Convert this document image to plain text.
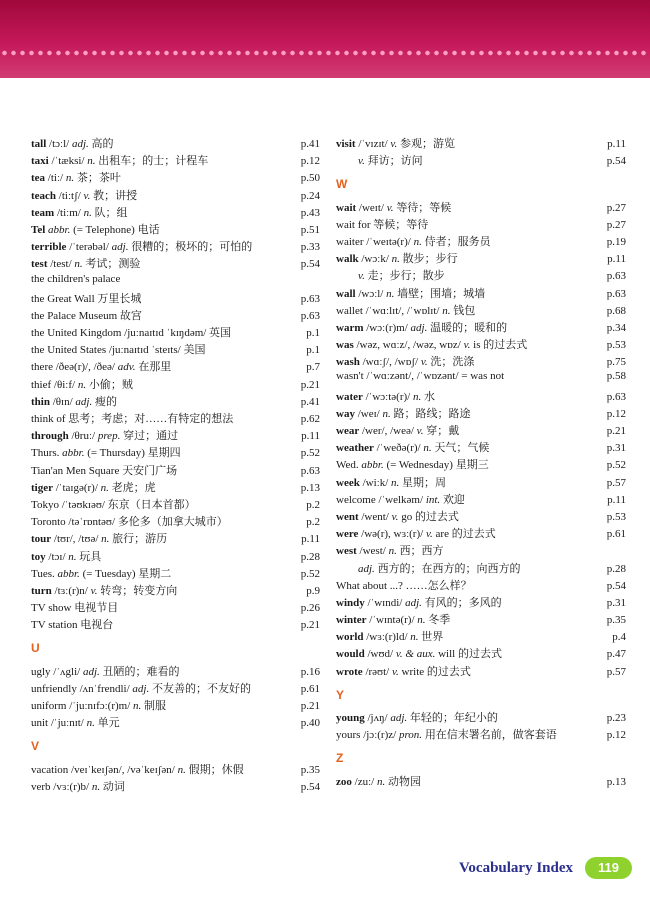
tall /tɔːl/ adj. 高的	p.41
taxi /ˈtæksi/ n. 出租车；的士；计程车	p.12
tea /tiː/ n. 茶；茶叶	p.50
teach /tiːtʃ/ v. 教；讲授	p.24
team /tiːm/ n. 队；组	p.43
Tel abbr. (= Telephone) 电话	p.51
terrible /ˈterəbəl/ adj. 很糟的；极坏的；可怕的	p.33
test /test/ n. 考试；测验	p.54
the children's palace
the Great Wall 万里长城	p.63
the Palace Museum 故宫	p.63
the United Kingdom /juːnaɪtɪd ˈkɪŋdəm/ 英国	p.1
the United States /juːnaɪtɪd ˈsteɪts/ 美国	p.1
there /ðeə(r)/, /ðeə/ adv. 在那里	p.7
thief /θiːf/ n. 小偷；贼	p.21
thin /θɪn/ adj. 瘦的	p.41
think of 思考；考虑；对……有特定的想法	p.62
through /θruː/ prep. 穿过；通过	p.11
Thurs. abbr. (= Thursday) 星期四	p.52
Tian'an Men Square 天安门广场	p.63
tiger /ˈtaɪgə(r)/ n. 老虎；虎	p.13
Tokyo /ˈtəʊkɪəʊ/ 东京（日本首都）	p.2
Toronto /təˈrɒntəʊ/ 多伦多（加拿大城市）	p.2
tour /tʊr/, /tʊə/ n. 旅行；游历	p.11
toy /tɔɪ/ n. 玩具	p.28
Tues. abbr. (= Tuesday) 星期二	p.52
turn /tɜː(r)n/ v. 转弯；转变方向	p.9
TV show 电视节目	p.26
TV station 电视台	p.21
U
ugly /ˈʌgli/ adj. 丑陋的；难看的	p.16
unfriendly /ʌnˈfrendli/ adj. 不友善的；不友好的	p.61
uniform /ˈjuːnɪfɔː(r)m/ n. 制服	p.21
unit /ˈjuːnɪt/ n. 单元	p.40
V
vacation /veɪˈkeɪʃən/, /vəˈkeɪʃən/ n. 假期；休假	p.35
verb /vɜː(r)b/ n. 动词	p.54
visit /ˈvɪzɪt/ v. 参观；游览	p.11
v. 拜访；访问	p.54
W
wait /weɪt/ v. 等待；等候	p.27
wait for 等候；等待	p.27
waiter /ˈweɪtə(r)/ n. 侍者；服务员	p.19
walk /wɔːk/ n. 散步；步行	p.11
v. 走；步行；散步	p.63
wall /wɔːl/ n. 墙壁；围墙；城墙	p.63
wallet /ˈwɑːlɪt/, /ˈwɒlɪt/ n. 钱包	p.68
warm /wɔː(r)m/ adj. 温暖的；暖和的	p.34
was /wəz, wɑːz/, /wəz, wɒz/ v. is 的过去式	p.53
wash /wɑːʃ/, /wɒʃ/ v. 洗；洗涤	p.75
wasn't /ˈwɑːzənt/, /ˈwɒzənt/ = was not	p.58
water /ˈwɔːtə(r)/ n. 水	p.63
way /weɪ/ n. 路；路线；路途	p.12
wear /wer/, /weə/ v. 穿；戴	p.21
weather /ˈweðə(r)/ n. 天气；气候	p.31
Wed. abbr. (= Wednesday) 星期三	p.52
week /wiːk/ n. 星期；周	p.57
welcome /ˈwelkəm/ int. 欢迎	p.11
went /went/ v. go 的过去式	p.53
were /wə(r), wɜː(r)/ v. are 的过去式	p.61
west /west/ n. 西；西方
adj. 西方的；在西方的；向西方的	p.28
What about ...? ……怎么样？	p.54
windy /ˈwɪndi/ adj. 有风的；多风的	p.31
winter /ˈwɪntə(r)/ n. 冬季	p.35
world /wɜː(r)ld/ n. 世界	p.4
would /wʊd/ v. & aux. will 的过去式	p.47
wrote /rəʊt/ v. write 的过去式	p.57
Y
young /jʌŋ/ adj. 年轻的；年纪小的	p.23
yours /jɔː(r)z/ pron. 用在信末署名前，做客套语	p.12
Z
zoo /zuː/ n. 动物园	p.13
Vocabulary Index	119
